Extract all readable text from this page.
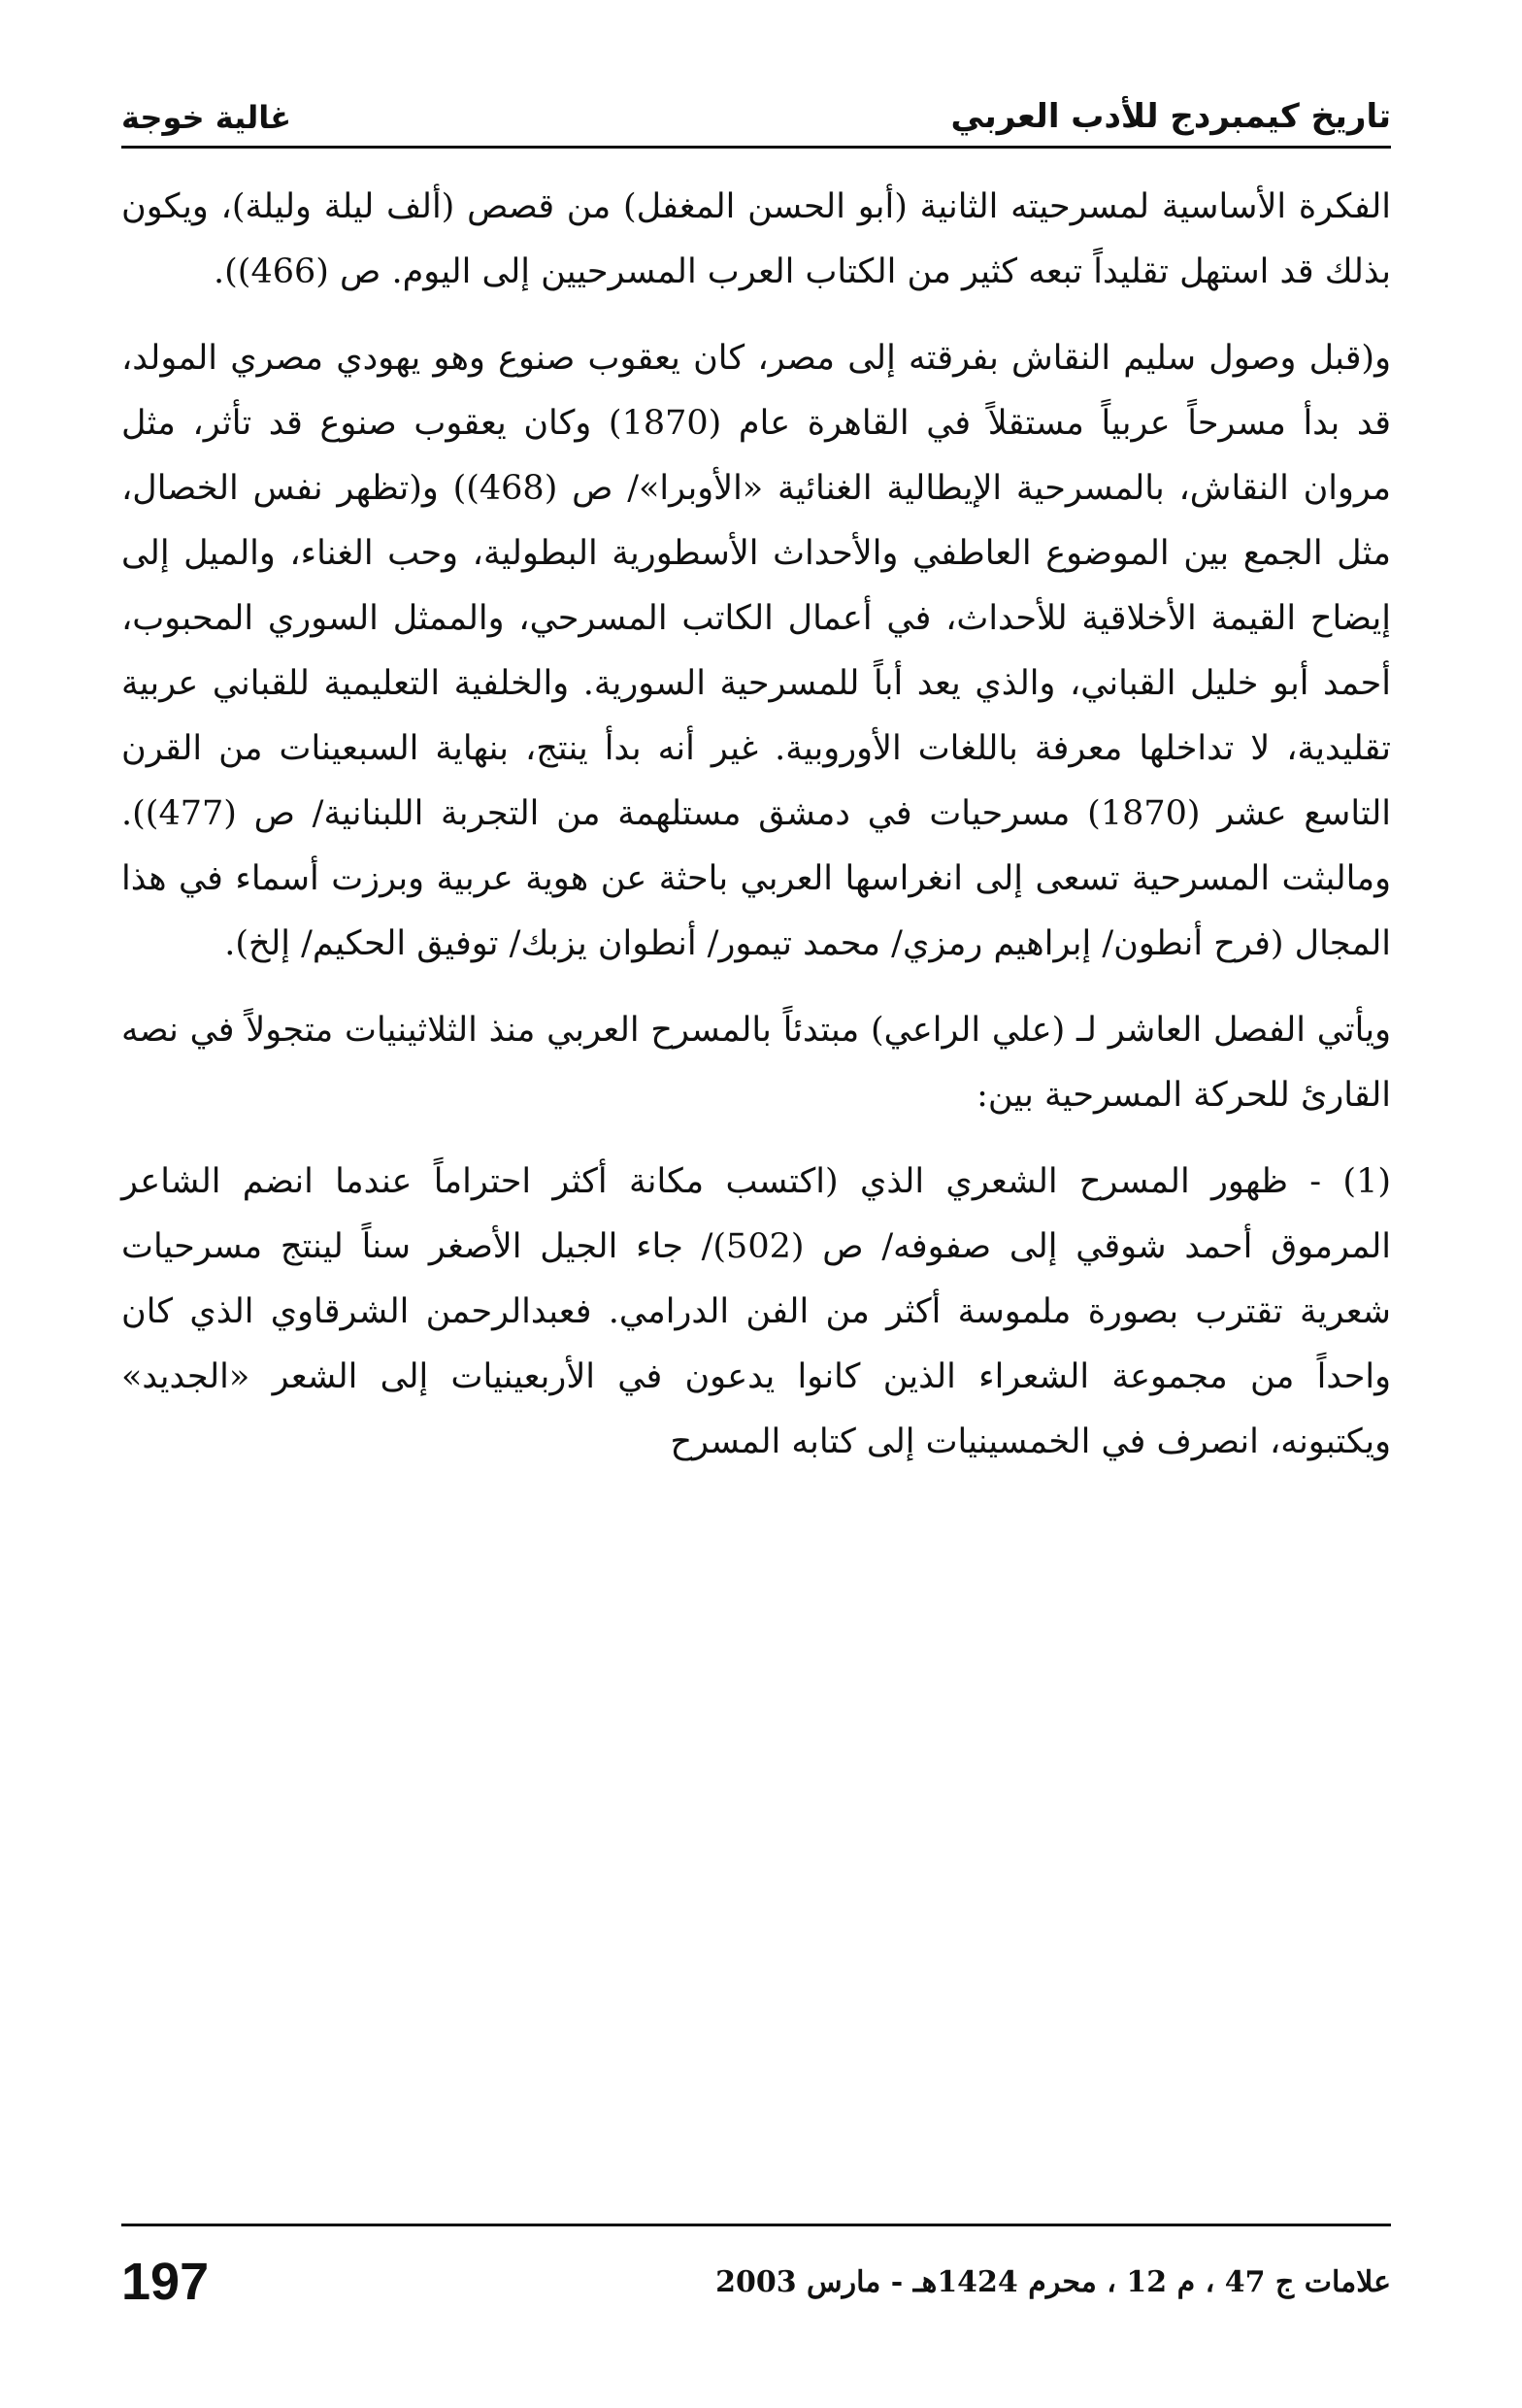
تاريخ كيمبردج للأدب العربي
غالية خوجة

الفكرة الأساسية لمسرحيته الثانية (أبو الحسن المغفل) من قصص (ألف ليلة وليلة)، ويكون بذلك قد استهل تقليداً تبعه كثير من الكتاب العرب المسرحيين إلى اليوم. ص (466)).

و(قبل وصول سليم النقاش بفرقته إلى مصر، كان يعقوب صنوع وهو يهودي مصري المولد، قد بدأ مسرحاً عربياً مستقلاً في القاهرة عام (1870) وكان يعقوب صنوع قد تأثر، مثل مروان النقاش، بالمسرحية الإيطالية الغنائية «الأوبرا»/ ص (468)) و(تظهر نفس الخصال، مثل الجمع بين الموضوع العاطفي والأحداث الأسطورية البطولية، وحب الغناء، والميل إلى إيضاح القيمة الأخلاقية للأحداث، في أعمال الكاتب المسرحي، والممثل السوري المحبوب، أحمد أبو خليل القباني، والذي يعد أباً للمسرحية السورية. والخلفية التعليمية للقباني عربية تقليدية، لا تداخلها معرفة باللغات الأوروبية. غير أنه بدأ ينتج، بنهاية السبعينات من القرن التاسع عشر (1870) مسرحيات في دمشق مستلهمة من التجربة اللبنانية/ ص (477)). ومالبثت المسرحية تسعى إلى انغراسها العربي باحثة عن هوية عربية وبرزت أسماء في هذا المجال (فرح أنطون/ إبراهيم رمزي/ محمد تيمور/ أنطوان يزبك/ توفيق الحكيم/ إلخ).

ويأتي الفصل العاشر لـ (علي الراعي) مبتدئاً بالمسرح العربي منذ الثلاثينيات متجولاً في نصه القارئ للحركة المسرحية بين:

(1) - ظهور المسرح الشعري الذي (اكتسب مكانة أكثر احتراماً عندما انضم الشاعر المرموق أحمد شوقي إلى صفوفه/ ص (502)/ جاء الجيل الأصغر سناً لينتج مسرحيات شعرية تقترب بصورة ملموسة أكثر من الفن الدرامي. فعبدالرحمن الشرقاوي الذي كان واحداً من مجموعة الشعراء الذين كانوا يدعون في الأربعينيات إلى الشعر «الجديد» ويكتبونه، انصرف في الخمسينيات إلى كتابه المسرح

علامات ج 47 ، م 12 ، محرم 1424هـ - مارس 2003
197
